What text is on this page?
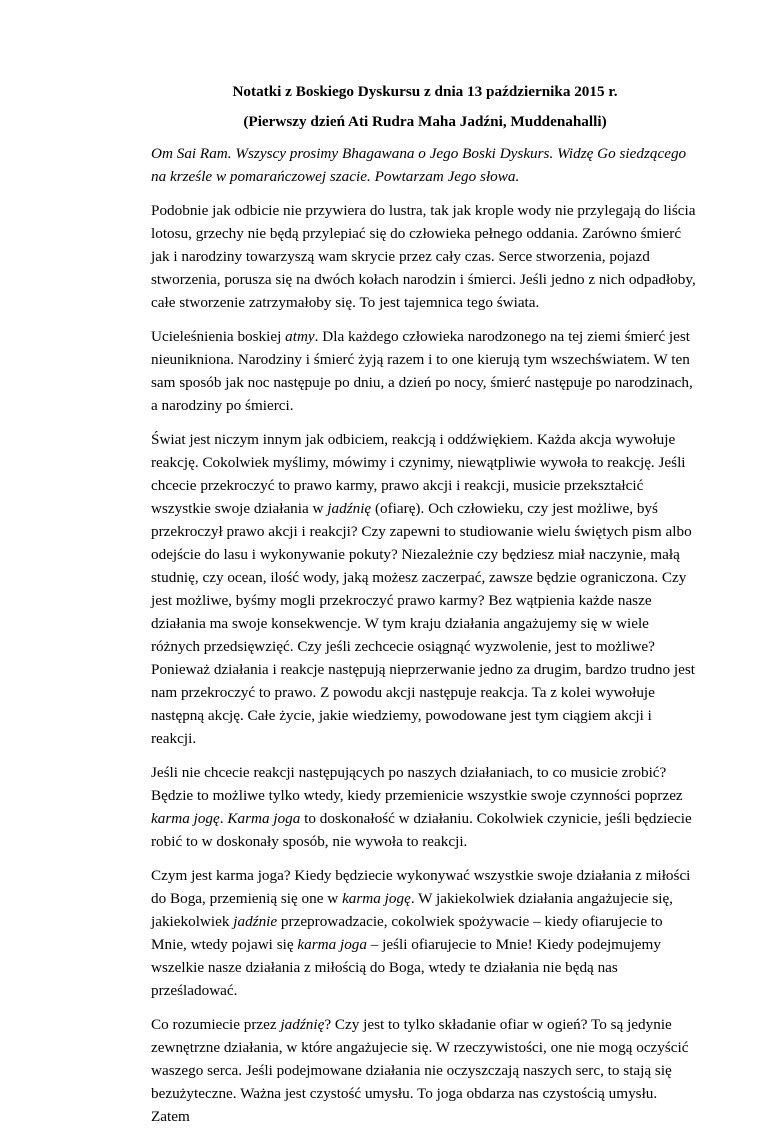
Notatki z Boskiego Dyskursu z dnia 13 października 2015 r.
(Pierwszy dzień Ati Rudra Maha Jadźni, Muddenahalli)

Om Sai Ram. Wszyscy prosimy Bhagawana o Jego Boski Dyskurs. Widzę Go siedzącego na krześle w pomarańczowej szacie. Powtarzam Jego słowa.

Podobnie jak odbicie nie przywiera do lustra, tak jak krople wody nie przylegają do liścia lotosu, grzechy nie będą przylepiać się do człowieka pełnego oddania. Zarówno śmierć jak i narodziny towarzyszą wam skrycie przez cały czas. Serce stworzenia, pojazd stworzenia, porusza się na dwóch kołach narodzin i śmierci. Jeśli jedno z nich odpadłoby, całe stworzenie zatrzymałoby się. To jest tajemnica tego świata.

Ucieleśnienia boskiej atmy. Dla każdego człowieka narodzonego na tej ziemi śmierć jest nieunikniona. Narodziny i śmierć żyją razem i to one kierują tym wszechświatem. W ten sam sposób jak noc następuje po dniu, a dzień po nocy, śmierć następuje po narodzinach, a narodziny po śmierci.

Świat jest niczym innym jak odbiciem, reakcją i oddźwiękiem. Każda akcja wywołuje reakcję. Cokolwiek myślimy, mówimy i czynimy, niewątpliwie wywoła to reakcję. Jeśli chcecie przekroczyć to prawo karmy, prawo akcji i reakcji, musicie przekształcić wszystkie swoje działania w jadźnię (ofiarę). Och człowieku, czy jest możliwe, byś przekroczył prawo akcji i reakcji? Czy zapewni to studiowanie wielu świętych pism albo odejście do lasu i wykonywanie pokuty? Niezależnie czy będziesz miał naczynie, małą studnię, czy ocean, ilość wody, jaką możesz zaczerpać, zawsze będzie ograniczona. Czy jest możliwe, byśmy mogli przekroczyć prawo karmy? Bez wątpienia każde nasze działania ma swoje konsekwencje. W tym kraju działania angażujemy się w wiele różnych przedsięwzięć. Czy jeśli zechcecie osiągnąć wyzwolenie, jest to możliwe? Ponieważ działania i reakcje następują nieprzerwanie jedno za drugim, bardzo trudno jest nam przekroczyć to prawo. Z powodu akcji następuje reakcja. Ta z kolei wywołuje następną akcję. Całe życie, jakie wiedziemy, powodowane jest tym ciągiem akcji i reakcji.

Jeśli nie chcecie reakcji następujących po naszych działaniach, to co musicie zrobić? Będzie to możliwe tylko wtedy, kiedy przemienicie wszystkie swoje czynności poprzez karma jogę. Karma joga to doskonałość w działaniu. Cokolwiek czynicie, jeśli będziecie robić to w doskonały sposób, nie wywoła to reakcji.

Czym jest karma joga? Kiedy będziecie wykonywać wszystkie swoje działania z miłości do Boga, przemienią się one w karma jogę. W jakiekolwiek działania angażujecie się, jakiekolwiek jadźnie przeprowadzacie, cokolwiek spożywacie – kiedy ofiarujecie to Mnie, wtedy pojawi się karma joga – jeśli ofiarujecie to Mnie! Kiedy podejmujemy wszelkie nasze działania z miłością do Boga, wtedy te działania nie będą nas prześladować.

Co rozumiecie przez jadźnię? Czy jest to tylko składanie ofiar w ogień? To są jedynie zewnętrzne działania, w które angażujecie się. W rzeczywistości, one nie mogą oczyścić waszego serca. Jeśli podejmowane działania nie oczyszczają naszych serc, to stają się bezużyteczne. Ważna jest czystość umysłu. To joga obdarza nas czystością umysłu. Zatem
